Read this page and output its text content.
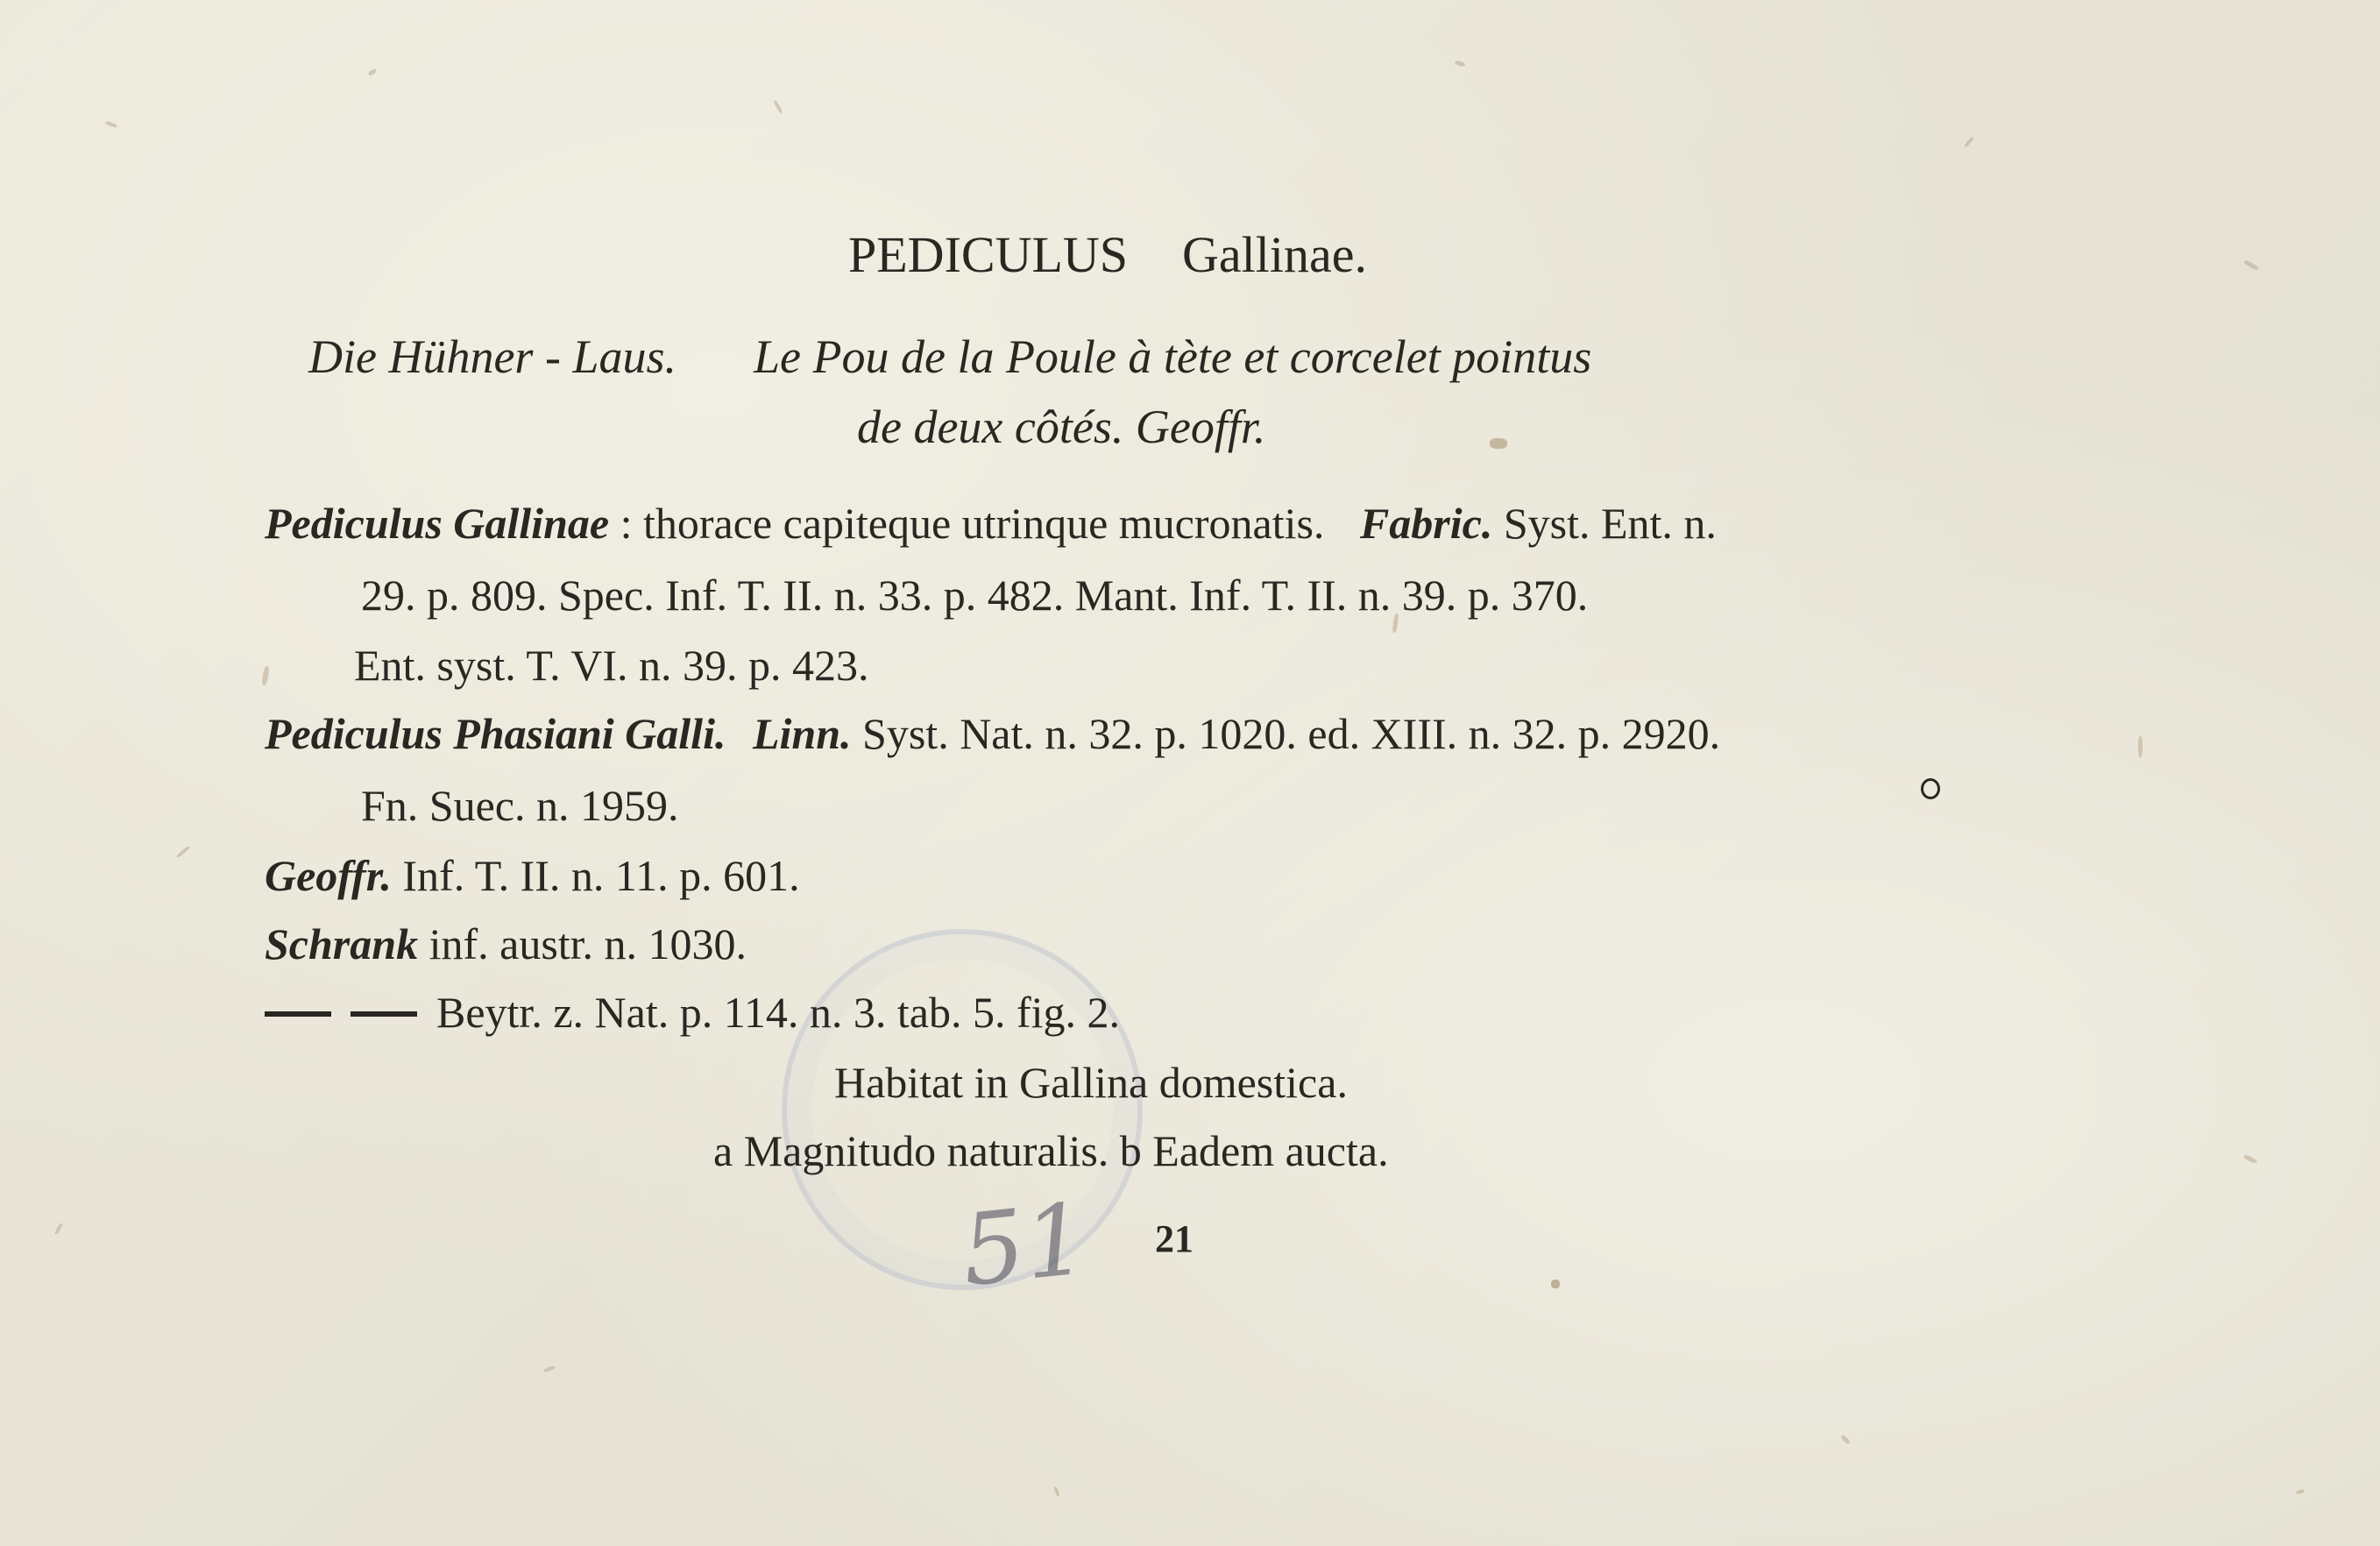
PEDICULUS Gallinae.
Die Hühner - Laus. Le Pou de la Poule à tète et corcelet pointus
de deux côtés. Geoffr.
Pediculus Gallinae : thorace capiteque utrinque mucronatis. Fabric. Syst. Ent. n.
29. p. 809. Spec. Inf. T. II. n. 33. p. 482. Mant. Inf. T. II. n. 39. p. 370.
Ent. syst. T. VI. n. 39. p. 423.
Pediculus Phasiani Galli. Linn. Syst. Nat. n. 32. p. 1020. ed. XIII. n. 32. p. 2920.
Fn. Suec. n. 1959.
Geoffr. Inf. T. II. n. 11. p. 601.
Schrank inf. austr. n. 1030.
Beytr. z. Nat. p. 114. n. 3. tab. 5. fig. 2.
Habitat in Gallina domestica.
a Magnitudo naturalis. b Eadem aucta.
51 21
